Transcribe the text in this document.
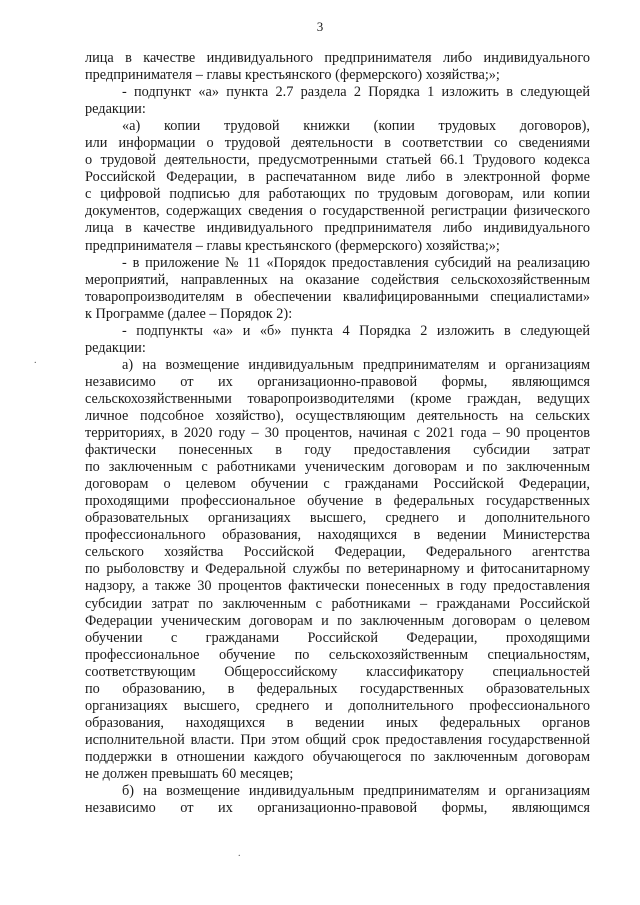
3
лица в качестве индивидуального предпринимателя либо индивидуального
предпринимателя – главы крестьянского (фермерского) хозяйства;»;
- подпункт «а» пункта 2.7 раздела 2 Порядка 1 изложить в следующей
редакции:
«а) копии трудовой книжки (копии трудовых договоров),
или информации о трудовой деятельности в соответствии со сведениями
о трудовой деятельности, предусмотренными статьей 66.1 Трудового кодекса
Российской Федерации, в распечатанном виде либо в электронной форме
с цифровой подписью для работающих по трудовым договорам, или копии
документов, содержащих сведения о государственной регистрации физического
лица в качестве индивидуального предпринимателя либо индивидуального
предпринимателя – главы крестьянского (фермерского) хозяйства;»;
- в приложение № 11 «Порядок предоставления субсидий на реализацию
мероприятий, направленных на оказание содействия сельскохозяйственным
товаропроизводителям в обеспечении квалифицированными специалистами»
к Программе (далее – Порядок 2):
- подпункты «а» и «б» пункта 4 Порядка 2 изложить в следующей
редакции:
а) на возмещение индивидуальным предпринимателям и организациям
независимо от их организационно-правовой формы, являющимся
сельскохозяйственными товаропроизводителями (кроме граждан, ведущих
личное подсобное хозяйство), осуществляющим деятельность на сельских
территориях, в 2020 году – 30 процентов, начиная с 2021 года – 90 процентов
фактически понесенных в году предоставления субсидии затрат
по заключенным с работниками ученическим договорам и по заключенным
договорам о целевом обучении с гражданами Российской Федерации,
проходящими профессиональное обучение в федеральных государственных
образовательных организациях высшего, среднего и дополнительного
профессионального образования, находящихся в ведении Министерства
сельского хозяйства Российской Федерации, Федерального агентства
по рыболовству и Федеральной службы по ветеринарному и фитосанитарному
надзору, а также 30 процентов фактически понесенных в году предоставления
субсидии затрат по заключенным с работниками – гражданами Российской
Федерации ученическим договорам и по заключенным договорам о целевом
обучении с гражданами Российской Федерации, проходящими
профессиональное обучение по сельскохозяйственным специальностям,
соответствующим Общероссийскому классификатору специальностей
по образованию, в федеральных государственных образовательных
организациях высшего, среднего и дополнительного профессионального
образования, находящихся в ведении иных федеральных органов
исполнительной власти. При этом общий срок предоставления государственной
поддержки в отношении каждого обучающегося по заключенным договорам
не должен превышать 60 месяцев;
б) на возмещение индивидуальным предпринимателям и организациям
независимо от их организационно-правовой формы, являющимся
.
.
